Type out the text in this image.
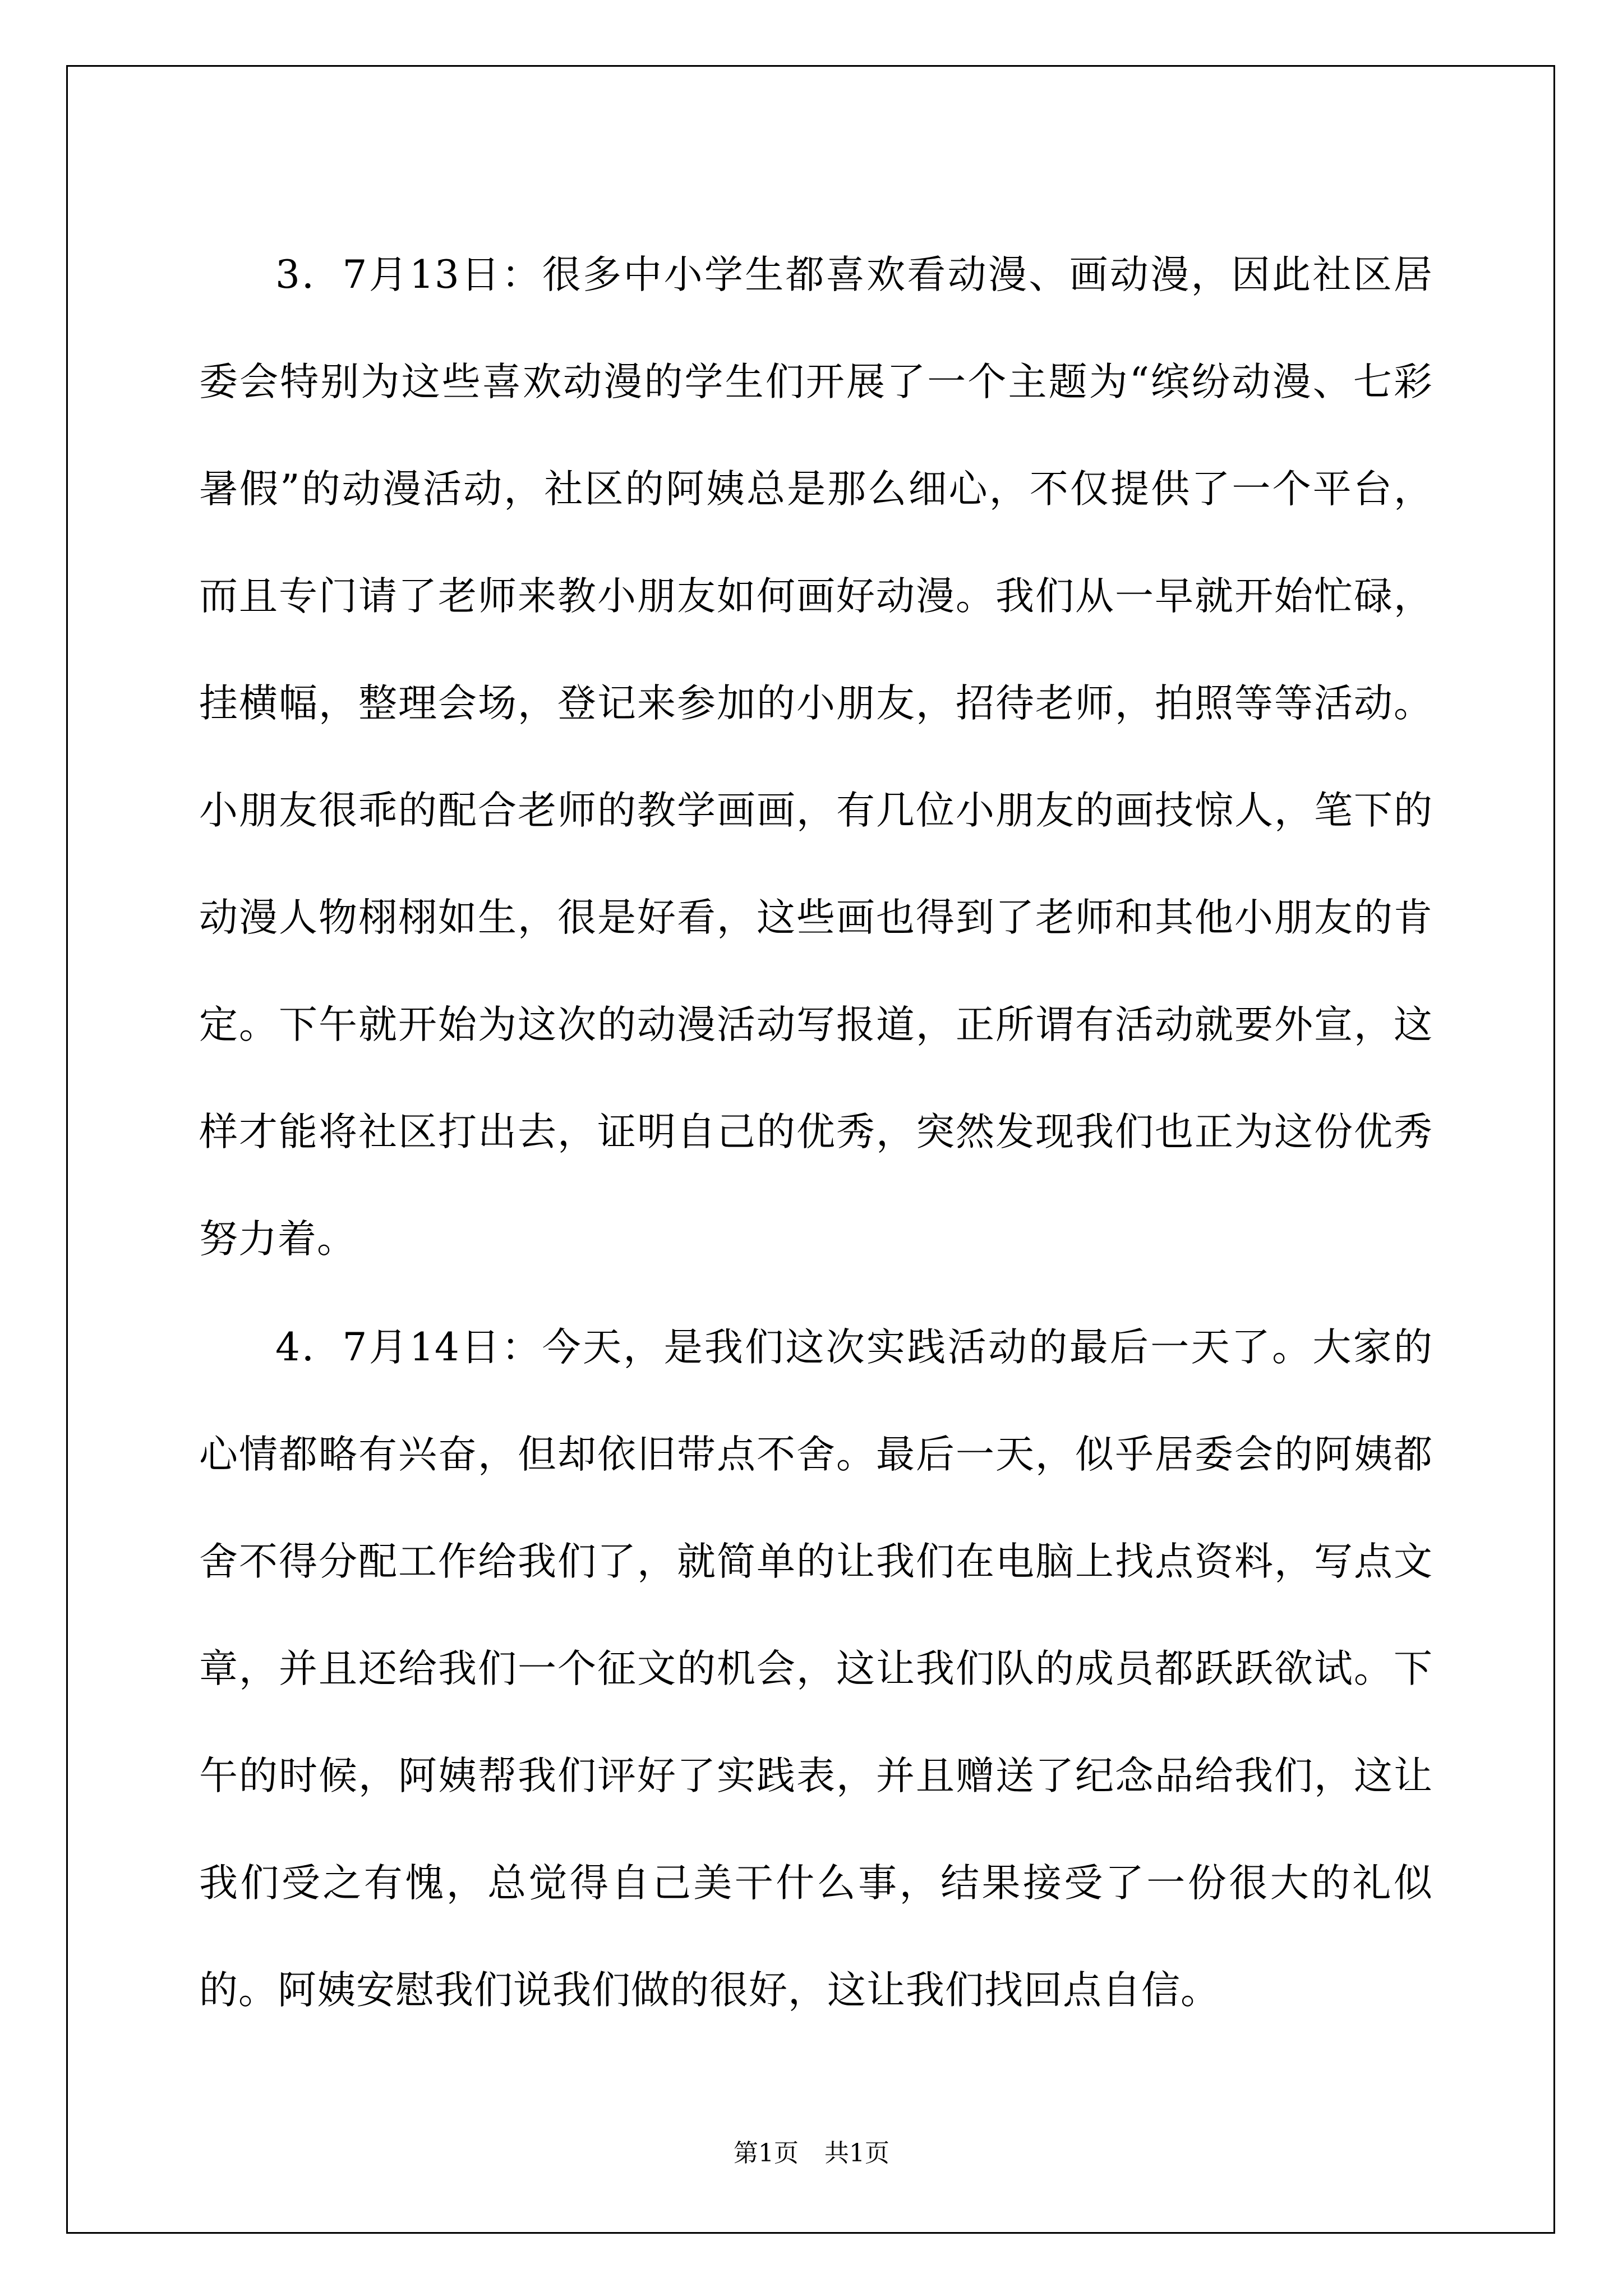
3．7月13日：很多中小学生都喜欢看动漫、画动漫，因此社区居委会特别为这些喜欢动漫的学生们开展了一个主题为“缤纷动漫、七彩暑假”的动漫活动，社区的阿姨总是那么细心，不仅提供了一个平台，而且专门请了老师来教小朋友如何画好动漫。我们从一早就开始忙碌，挂横幅，整理会场，登记来参加的小朋友，招待老师，拍照等等活动。小朋友很乖的配合老师的教学画画，有几位小朋友的画技惊人，笔下的动漫人物栩栩如生，很是好看，这些画也得到了老师和其他小朋友的肯定。下午就开始为这次的动漫活动写报道，正所谓有活动就要外宣，这样才能将社区打出去，证明自己的优秀，突然发现我们也正为这份优秀努力着。

4．7月14日：今天，是我们这次实践活动的最后一天了。大家的心情都略有兴奋，但却依旧带点不舍。最后一天，似乎居委会的阿姨都舍不得分配工作给我们了，就简单的让我们在电脑上找点资料，写点文章，并且还给我们一个征文的机会，这让我们队的成员都跃跃欲试。下午的时候，阿姨帮我们评好了实践表，并且赠送了纪念品给我们，这让我们受之有愧，总觉得自己美干什么事，结果接受了一份很大的礼似的。阿姨安慰我们说我们做的很好，这让我们找回点自信。

第1页 共1页
